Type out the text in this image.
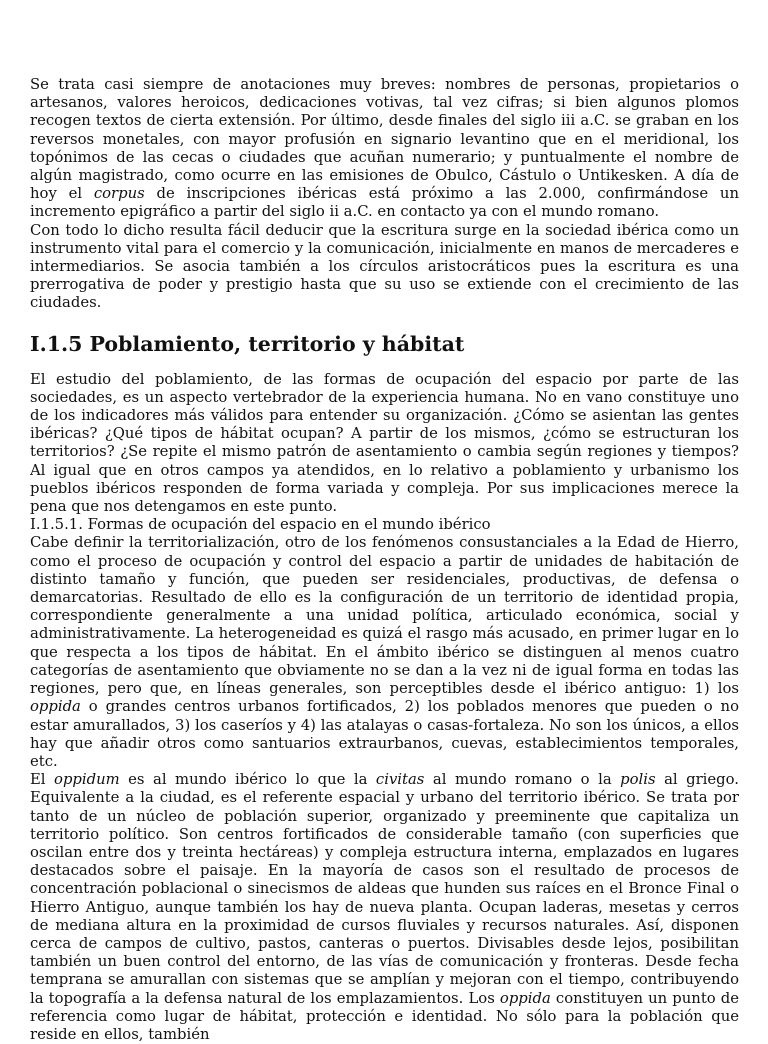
Se trata casi siempre de anotaciones muy breves: nombres de personas, propietarios o artesanos, valores heroicos, dedicaciones votivas, tal vez cifras; si bien algunos plomos recogen textos de cierta extensión. Por último, desde finales del siglo iii a.C. se graban en los reversos monetales, con mayor profusión en signario levantino que en el meridional, los topónimos de las cecas o ciudades que acuñan numerario; y puntualmente el nombre de algún magistrado, como ocurre en las emisiones de Obulco, Cástulo o Untikesken. A día de hoy el corpus de inscripciones ibéricas está próximo a las 2.000, confirmándose un incremento epigráfico a partir del siglo ii a.C. en contacto ya con el mundo romano.

Con todo lo dicho resulta fácil deducir que la escritura surge en la sociedad ibérica como un instrumento vital para el comercio y la comunicación, inicialmente en manos de mercaderes e intermediarios. Se asocia también a los círculos aristocráticos pues la escritura es una prerrogativa de poder y prestigio hasta que su uso se extiende con el crecimiento de las ciudades.

I.1.5 Poblamiento, territorio y hábitat

El estudio del poblamiento, de las formas de ocupación del espacio por parte de las sociedades, es un aspecto vertebrador de la experiencia humana. No en vano constituye uno de los indicadores más válidos para entender su organización. ¿Cómo se asientan las gentes ibéricas? ¿Qué tipos de hábitat ocupan? A partir de los mismos, ¿cómo se estructuran los territorios? ¿Se repite el mismo patrón de asentamiento o cambia según regiones y tiempos? Al igual que en otros campos ya atendidos, en lo relativo a poblamiento y urbanismo los pueblos ibéricos responden de forma variada y compleja. Por sus implicaciones merece la pena que nos detengamos en este punto.

I.1.5.1. Formas de ocupación del espacio en el mundo ibérico

Cabe definir la territorialización, otro de los fenómenos consustanciales a la Edad de Hierro, como el proceso de ocupación y control del espacio a partir de unidades de habitación de distinto tamaño y función, que pueden ser residenciales, productivas, de defensa o demarcatorias. Resultado de ello es la configuración de un territorio de identidad propia, correspondiente generalmente a una unidad política, articulado económica, social y administrativamente. La heterogeneidad es quizá el rasgo más acusado, en primer lugar en lo que respecta a los tipos de hábitat. En el ámbito ibérico se distinguen al menos cuatro categorías de asentamiento que obviamente no se dan a la vez ni de igual forma en todas las regiones, pero que, en líneas generales, son perceptibles desde el ibérico antiguo: 1) los oppida o grandes centros urbanos fortificados, 2) los poblados menores que pueden o no estar amurallados, 3) los caseríos y 4) las atalayas o casas-fortaleza. No son los únicos, a ellos hay que añadir otros como santuarios extraurbanos, cuevas, establecimientos temporales, etc.

El oppidum es al mundo ibérico lo que la civitas al mundo romano o la polis al griego. Equivalente a la ciudad, es el referente espacial y urbano del territorio ibérico. Se trata por tanto de un núcleo de población superior, organizado y preeminente que capitaliza un territorio político. Son centros fortificados de considerable tamaño (con superficies que oscilan entre dos y treinta hectáreas) y compleja estructura interna, emplazados en lugares destacados sobre el paisaje. En la mayoría de casos son el resultado de procesos de concentración poblacional o sinecismos de aldeas que hunden sus raíces en el Bronce Final o Hierro Antiguo, aunque también los hay de nueva planta. Ocupan laderas, mesetas y cerros de mediana altura en la proximidad de cursos fluviales y recursos naturales. Así, disponen cerca de campos de cultivo, pastos, canteras o puertos. Divisables desde lejos, posibilitan también un buen control del entorno, de las vías de comunicación y fronteras. Desde fecha temprana se amurallan con sistemas que se amplían y mejoran con el tiempo, contribuyendo la topografía a la defensa natural de los emplazamientos. Los oppida constituyen un punto de referencia como lugar de hábitat, protección e identidad. No sólo para la población que reside en ellos, también
